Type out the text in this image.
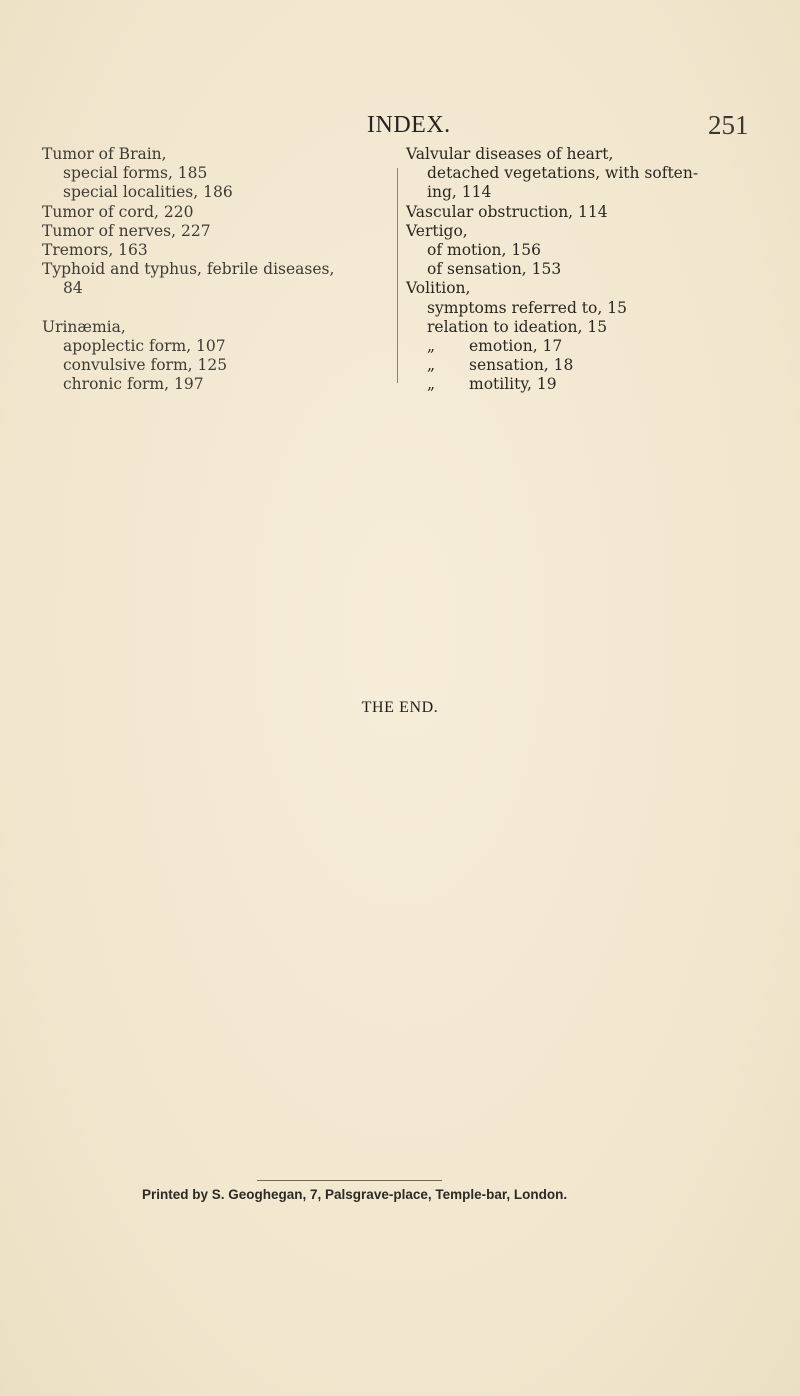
INDEX.	251
Tumor of Brain,
special forms, 185
special localities, 186
Tumor of cord, 220
Tumor of nerves, 227
Tremors, 163
Typhoid and typhus, febrile diseases,
84
Urinæmia,
apoplectic form, 107
convulsive form, 125
chronic form, 197
Valvular diseases of heart,
detached vegetations, with soften-
ing, 114
Vascular obstruction, 114
Vertigo,
of motion, 156
of sensation, 153
Volition,
symptoms referred to, 15
relation to ideation, 15
„ emotion, 17
„ sensation, 18
„ motility, 19
THE END.
Printed by S. Geoghegan, 7, Palsgrave-place, Temple-bar, London.
